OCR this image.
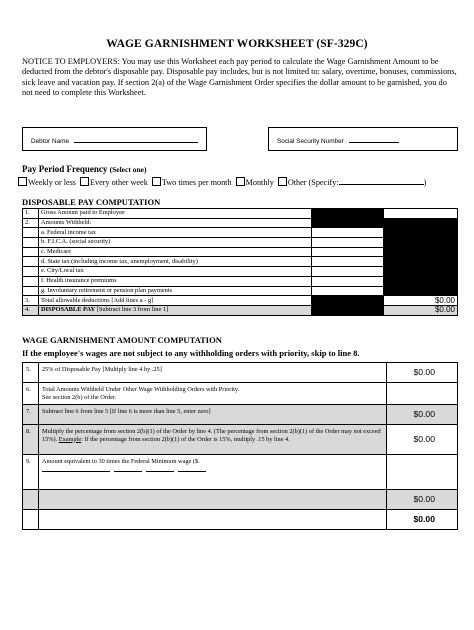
WAGE GARNISHMENT WORKSHEET (SF-329C)
NOTICE TO EMPLOYERS: You may use this Worksheet each pay period to calculate the Wage Garnishment Amount to be deducted from the debtor's disposable pay. Disposable pay includes, but is not limited to: salary, overtime, bonuses, commissions, sick leave and vacation pay. If section 2(a) of the Wage Garnishment Order specifies the dollar amount to be garnished, you do not need to complete this Worksheet.
Debtor Name	Social Security Number
Pay Period Frequency (Select one)
Weekly or less Every other week Two times per month Monthly Other (Specify:	)
DISPOSABLE PAY COMPUTATION
1.	Gross Amount paid to Employee		
2.	Amounts Withheld:		
	a. Federal income tax		
	b. F.I.C.A. (social security)		
	c. Medicare		
	d. State tax (including income tax, unemployment, disability)		
	e. City/Local tax		
	f. Health insurance premiums		
	g. Involuntary retirement or pension plan payments		
3.	Total allowable deductions [Add lines a - g]		$0.00
4.	DISPOSABLE PAY [Subtract line 3 from line 1]		$0.00
WAGE GARNISHMENT AMOUNT COMPUTATION
If the employee's wages are not subject to any withholding orders with priority, skip to line 8.
5.	25% of Disposable Pay [Multiply line 4 by .25]	$0.00
6.	Total Amounts Withheld Under Other Wage Withholding Orders with Priority.
See section 2(b) of the Order.	
7.	Subtract line 6 from line 5 [If line 6 is more than line 5, enter zero]	$0.00
8.	Multiply the percentage from section 2(b)(1) of the Order by line 4. (The percentage from section 2(b)(1) of the Order may not exceed 15%). Example: If the percentage from section 2(b)(1) of the Order is 15%, multiply .15 by line 4.	$0.00
9.	Amount equivalent to 30 times the Federal Minimum wage ($.

		$0.00
		$0.00
